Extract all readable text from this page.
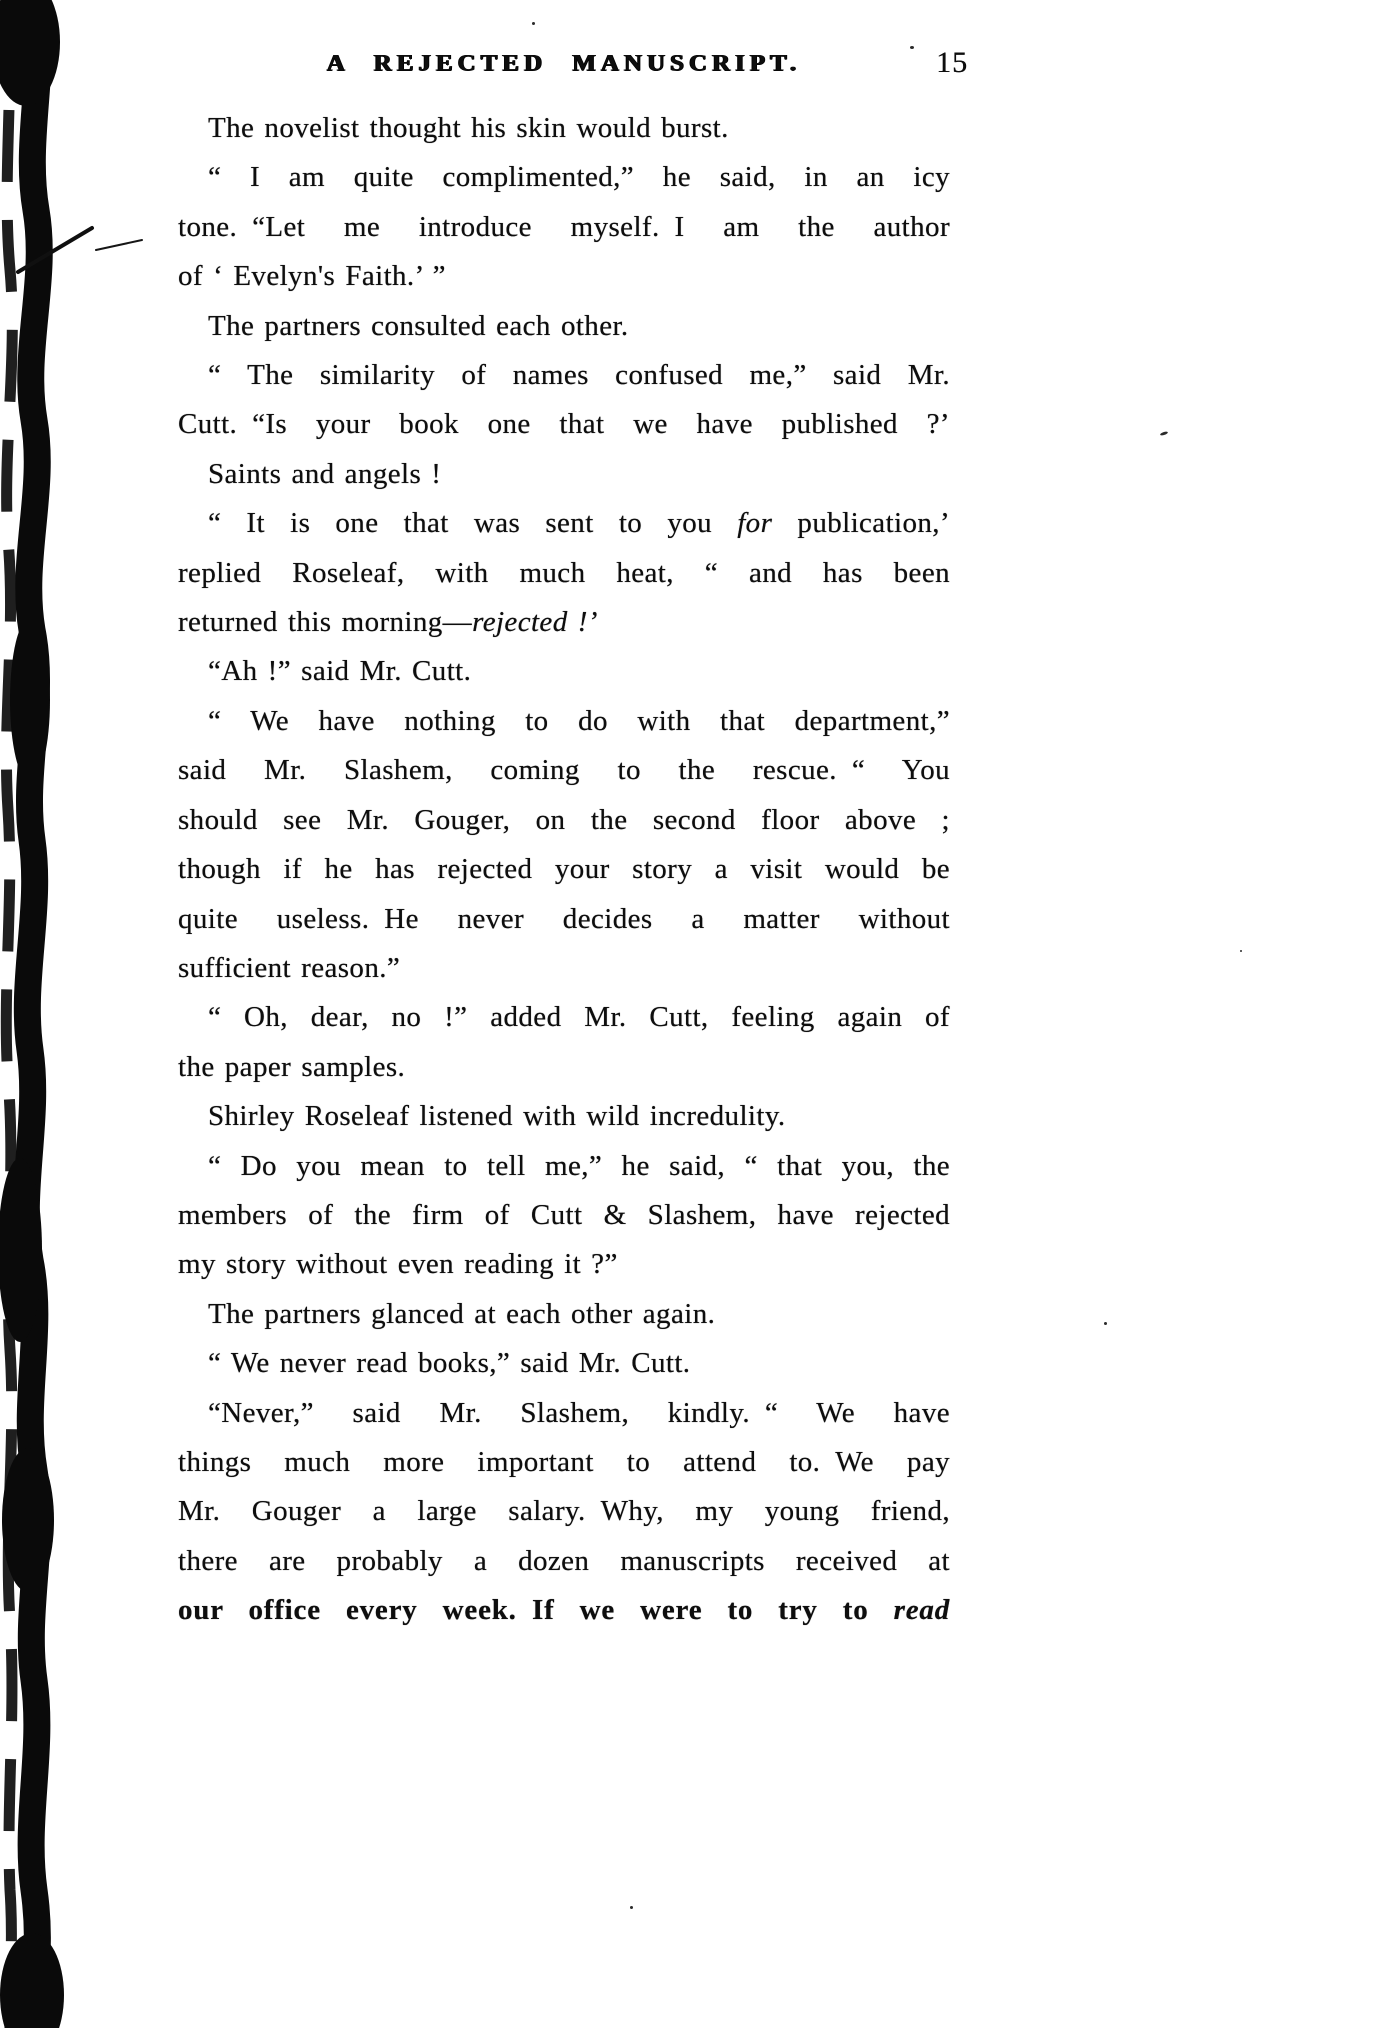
A REJECTED MANUSCRIPT.	15
The novelist thought his skin would burst.
“ I am quite complimented,” he said, in an icy
tone. “Let me introduce myself. I am the author
of ‘ Evelyn's Faith.’ ”
The partners consulted each other.
“ The similarity of names confused me,” said Mr.
Cutt. “Is your book one that we have published ?’
Saints and angels !
“ It is one that was sent to you for publication,’
replied Roseleaf, with much heat, “ and has been
returned this morning—rejected !’
“Ah !” said Mr. Cutt.
“ We have nothing to do with that department,”
said Mr. Slashem, coming to the rescue. “ You
should see Mr. Gouger, on the second floor above ;
though if he has rejected your story a visit would be
quite useless. He never decides a matter without
sufficient reason.”
“ Oh, dear, no !” added Mr. Cutt, feeling again of
the paper samples.
Shirley Roseleaf listened with wild incredulity.
“ Do you mean to tell me,” he said, “ that you, the
members of the firm of Cutt & Slashem, have rejected
my story without even reading it ?”
The partners glanced at each other again.
“ We never read books,” said Mr. Cutt.
“Never,” said Mr. Slashem, kindly. “ We have
things much more important to attend to. We pay
Mr. Gouger a large salary. Why, my young friend,
there are probably a dozen manuscripts received at
our office every week. If we were to try to read
